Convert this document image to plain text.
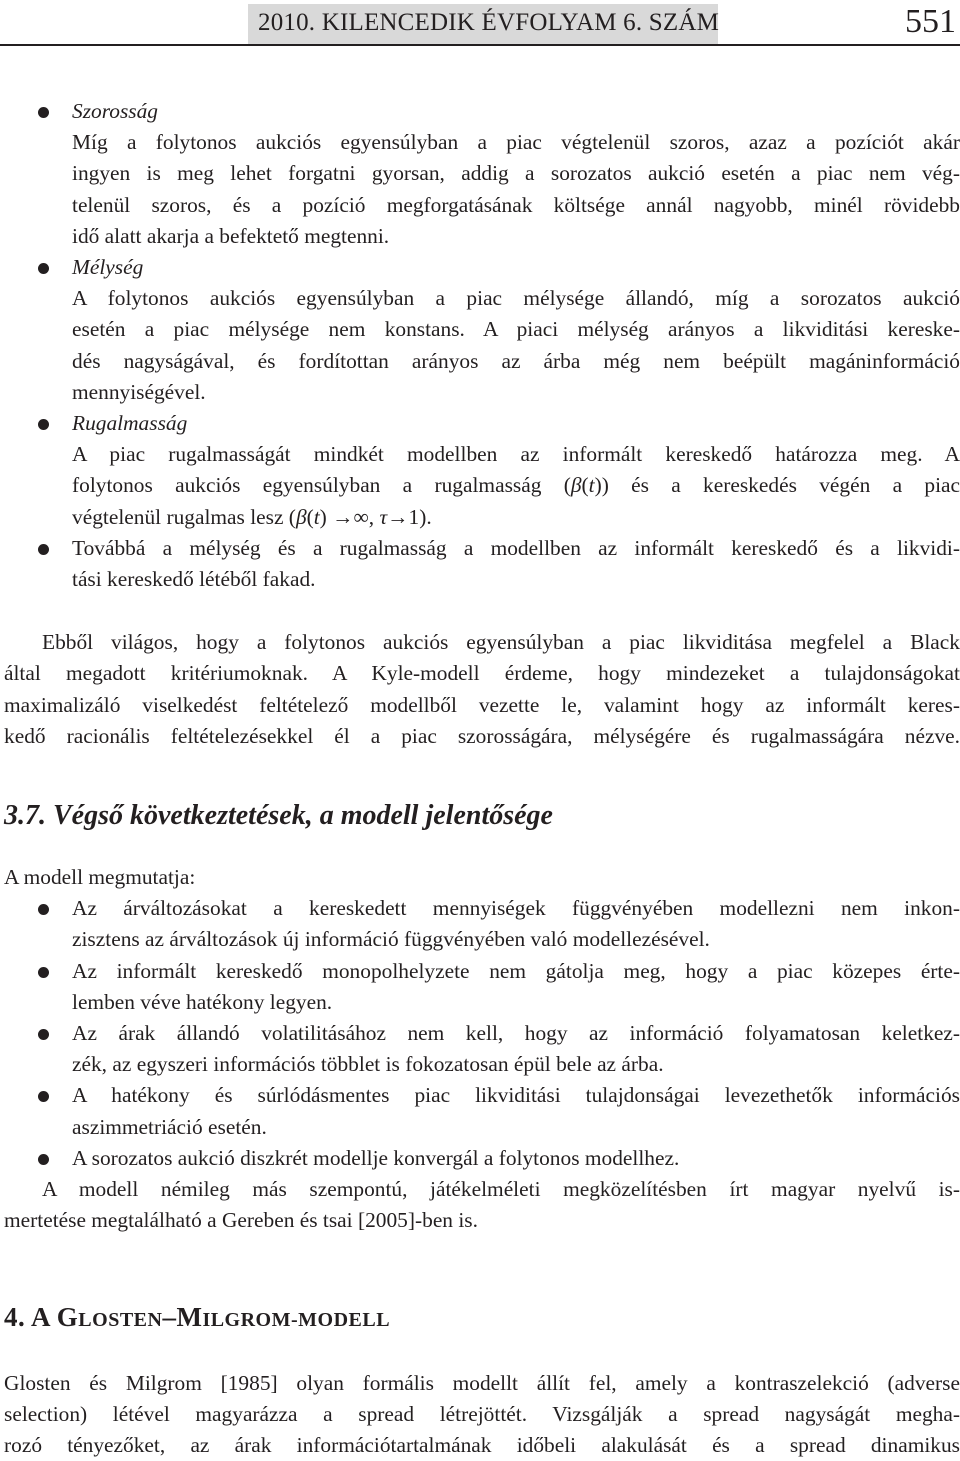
2010. KILENCEDIK ÉVFOLYAM 6. SZÁM	551
Szorosság
Míg a folytonos aukciós egyensúlyban a piac végtelenül szoros, azaz a pozíciót akár
ingyen is meg lehet forgatni gyorsan, addig a sorozatos aukció esetén a piac nem vég-
telenül szoros, és a pozíció megforgatásának költsége annál nagyobb, minél rövidebb
idő alatt akarja a befektető megtenni.
Mélység
A folytonos aukciós egyensúlyban a piac mélysége állandó, míg a sorozatos aukció
esetén a piac mélysége nem konstans. A piaci mélység arányos a likviditási kereske-
dés nagyságával, és fordítottan arányos az árba még nem beépült magáninformáció
mennyiségével.
Rugalmasság
A piac rugalmasságát mindkét modellben az informált kereskedő határozza meg. A
folytonos aukciós egyensúlyban a rugalmasság (β(t)) és a kereskedés végén a piac
végtelenül rugalmas lesz (β(t) →∞, τ→1).
Továbbá a mélység és a rugalmasság a modellben az informált kereskedő és a likvidi-
tási kereskedő létéből fakad.
Ebből világos, hogy a folytonos aukciós egyensúlyban a piac likviditása megfelel a Black
által megadott kritériumoknak. A Kyle-modell érdeme, hogy mindezeket a tulajdonságokat
maximalizáló viselkedést feltételező modellből vezette le, valamint hogy az informált keres-
kedő racionális feltételezésekkel él a piac szorosságára, mélységére és rugalmasságára nézve.
3.7. Végső következtetések, a modell jelentősége
A modell megmutatja:
Az árváltozásokat a kereskedett mennyiségek függvényében modellezni nem inkon-
zisztens az árváltozások új információ függvényében való modellezésével.
Az informált kereskedő monopolhelyzete nem gátolja meg, hogy a piac közepes érte-
lemben véve hatékony legyen.
Az árak állandó volatilitásához nem kell, hogy az információ folyamatosan keletkez-
zék, az egyszeri információs többlet is fokozatosan épül bele az árba.
A hatékony és súrlódásmentes piac likviditási tulajdonságai levezethetők információs
aszimmetriáció esetén.
A sorozatos aukció diszkrét modellje konvergál a folytonos modellhez.
A modell némileg más szempontú, játékelméleti megközelítésben írt magyar nyelvű is-
mertetése megtalálható a Gereben és tsai [2005]-ben is.
4. A GLOSTEN–MILGROM-MODELL
Glosten és Milgrom [1985] olyan formális modellt állít fel, amely a kontraszelekció (adverse
selection) létével magyarázza a spread létrejöttét. Vizsgálják a spread nagyságát megha-
rozó tényezőket, az árak információtartalmának időbeli alakulását és a spread dinamikus
